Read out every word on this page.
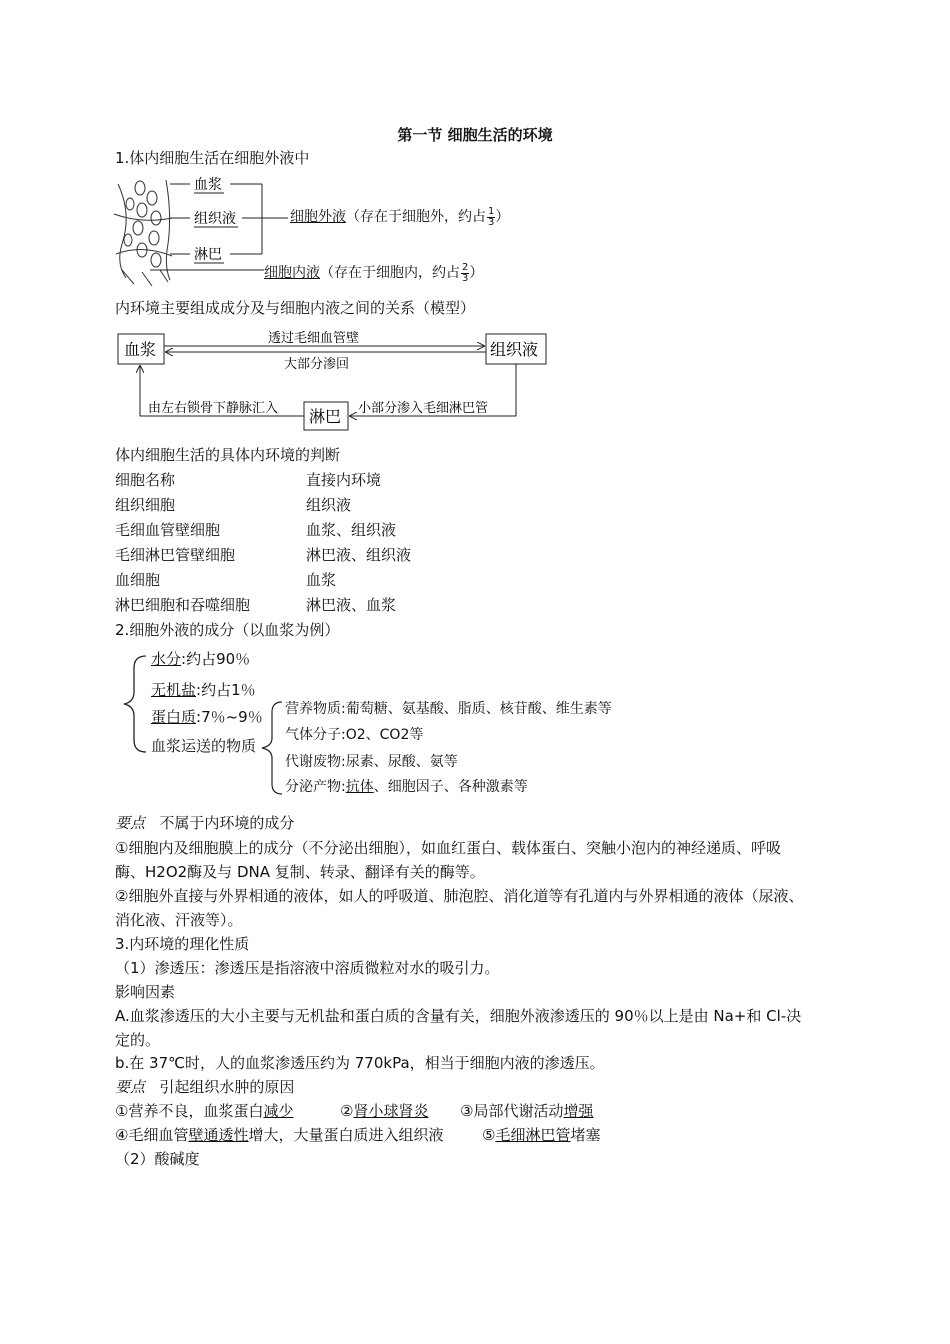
第一节 细胞生活的环境
1.体内细胞生活在细胞外液中
血浆
组织液
淋巴
细胞外液（存在于细胞外，约占 $\frac{1}{3}$ ）
细胞内液（存在于细胞内，约占 $\frac{2}{3}$ ）
内环境主要组成成分及与细胞内液之间的关系（模型）
血浆	组织液
淋巴
透过毛细血管壁
大部分渗回
由左右锁骨下静脉汇入	小部分渗入毛细淋巴管
体内细胞生活的具体内环境的判断
细胞名称	直接内环境
组织细胞	组织液
毛细血管壁细胞	血浆、组织液
毛细淋巴管壁细胞	淋巴液、组织液
血细胞	血浆
淋巴细胞和吞噬细胞	淋巴液、血浆
2.细胞外液的成分（以血浆为例）
水分:约占90％
无机盐:约占1％
蛋白质:7％~9％
血浆运送的物质
营养物质:葡萄糖、氨基酸、脂质、核苷酸、维生素等
气体分子:O2、CO2等
代谢废物:尿素、尿酸、氨等
分泌产物:抗体、细胞因子、各种激素等
要点 不属于内环境的成分
①细胞内及细胞膜上的成分（不分泌出细胞），如血红蛋白、载体蛋白、突触小泡内的神经递质、呼吸
酶、H2O2酶及与 DNA 复制、转录、翻译有关的酶等。
②细胞外直接与外界相通的液体，如人的呼吸道、肺泡腔、消化道等有孔道内与外界相通的液体（尿液、
消化液、汗液等）。
3.内环境的理化性质
（1）渗透压：渗透压是指溶液中溶质微粒对水的吸引力。
影响因素
A.血浆渗透压的大小主要与无机盐和蛋白质的含量有关，细胞外液渗透压的 90％以上是由 Na+和 Cl-决
定的。
b.在 37℃时，人的血浆渗透压约为 770kPa，相当于细胞内液的渗透压。
要点 引起组织水肿的原因
①营养不良，血浆蛋白减少	②肾小球肾炎 ③局部代谢活动增强
④毛细血管壁通透性增大，大量蛋白质进入组织液	⑤毛细淋巴管堵塞
（2）酸碱度
